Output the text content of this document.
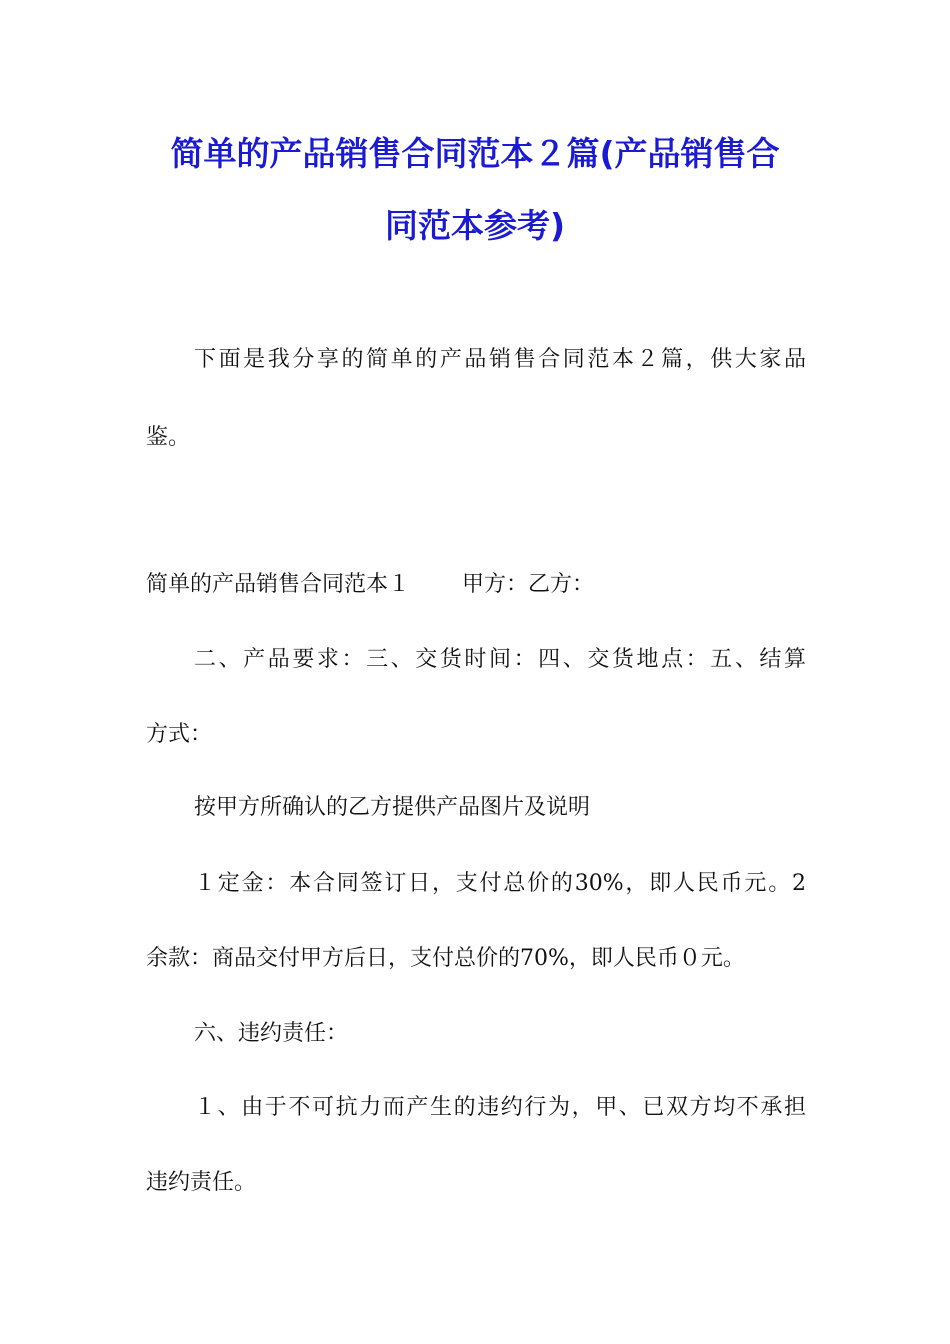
简单的产品销售合同范本２篇(产品销售合
同范本参考)
下面是我分享的简单的产品销售合同范本２篇，供大家品
鉴。
简单的产品销售合同范本１ 甲方：乙方：
二、产品要求：三、交货时间：四、交货地点：五、结算
方式：
按甲方所确认的乙方提供产品图片及说明
１定金：本合同签订日，支付总价的30%，即人民币元。2
余款：商品交付甲方后日，支付总价的70%，即人民币０元。
六、违约责任：
１、由于不可抗力而产生的违约行为，甲、已双方均不承担
违约责任。
